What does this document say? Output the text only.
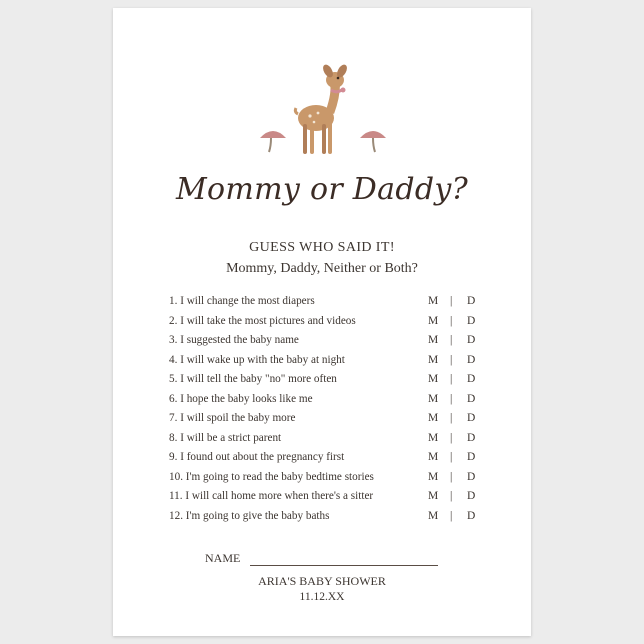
Mommy or Daddy?
GUESS WHO SAID IT!
Mommy, Daddy, Neither or Both?
1. I will change the most diapers	M | D
2. I will take the most pictures and videos	M | D
3. I suggested the baby name	M | D
4. I will wake up with the baby at night	M | D
5. I will tell the baby "no" more often	M | D
6. I hope the baby looks like me	M | D
7. I will spoil the baby more	M | D
8. I will be a strict parent	M | D
9. I found out about the pregnancy first	M | D
10. I'm going to read the baby bedtime stories	M | D
11. I will call home more when there's a sitter	M | D
12. I'm going to give the baby baths	M | D
NAME
ARIA'S BABY SHOWER
11.12.XX
